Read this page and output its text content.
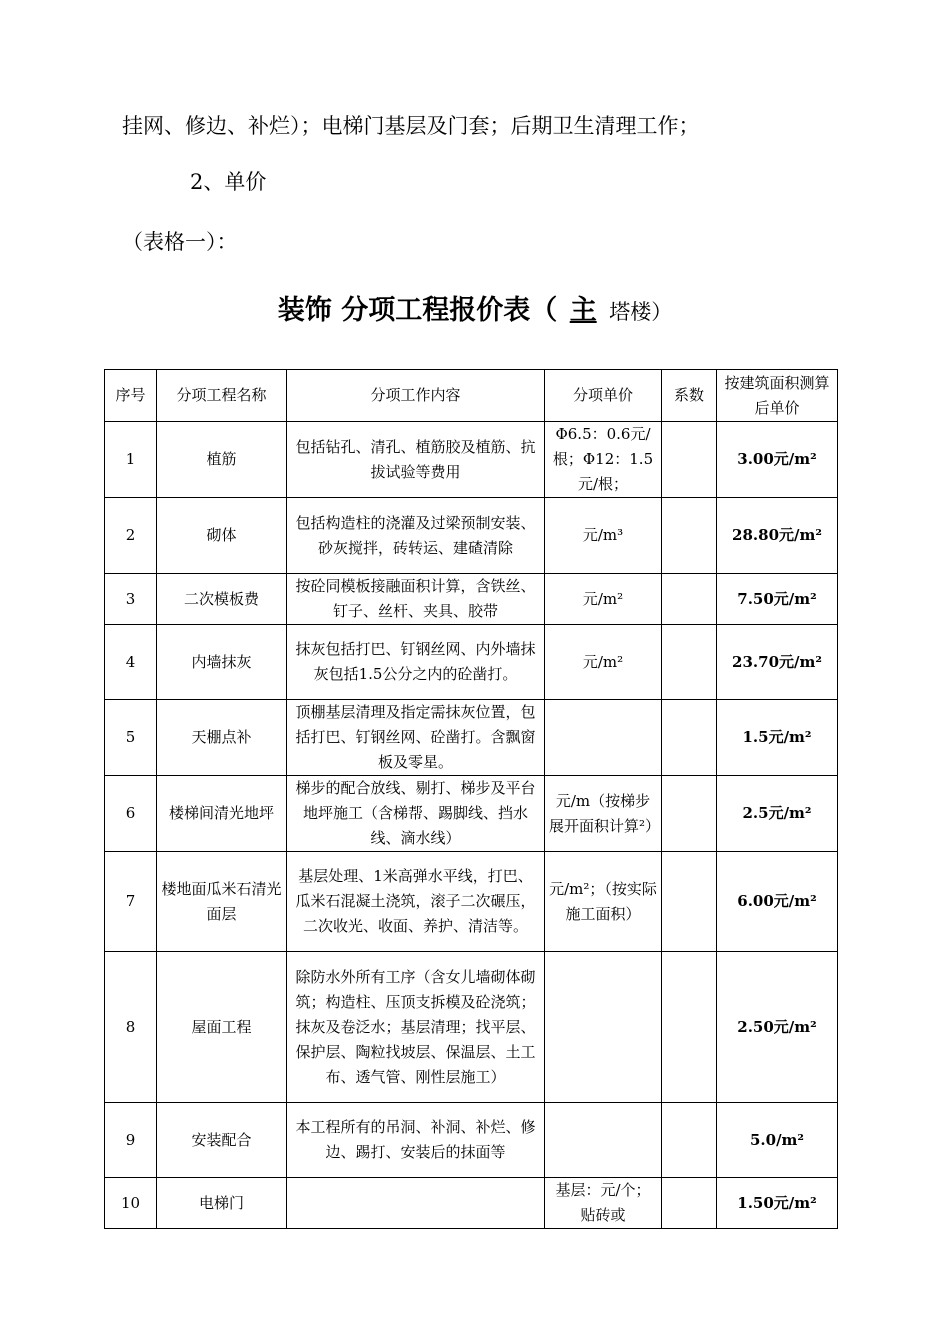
挂网、修边、补烂）；电梯门基层及门套；后期卫生清理工作；
2、单价
（表格一）：
装饰 分项工程报价表（ 主 塔楼）
序号	分项工程名称	分项工作内容	分项单价	系数	按建筑面积测算后单价
1	植筋	包括钻孔、清孔、植筋胶及植筋、抗拔试验等费用	Φ6.5：0.6元/根；Φ12：1.5元/根；		3.00元/m²
2	砌体	包括构造柱的浇灌及过梁预制安装、砂灰搅拌，砖转运、建碴清除	元/m³		28.80元/m²
3	二次模板费	按砼同模板接融面积计算，含铁丝、钉子、丝杆、夹具、胶带	元/m²		7.50元/m²
4	内墙抹灰	抹灰包括打巴、钉钢丝网、内外墙抹灰包括1.5公分之内的砼凿打。	元/m²		23.70元/m²
5	天棚点补	顶棚基层清理及指定需抹灰位置，包括打巴、钉钢丝网、砼凿打。含飘窗板及零星。			1.5元/m²
6	楼梯间清光地坪	梯步的配合放线、剔打、梯步及平台地坪施工（含梯帮、踢脚线、挡水线、滴水线）	元/m（按梯步展开面积计算²）		2.5元/m²
7	楼地面瓜米石清光面层	基层处理、1米高弹水平线，打巴、瓜米石混凝土浇筑，滚子二次碾压，二次收光、收面、养护、清洁等。	元/m²；（按实际施工面积）		6.00元/m²
8	屋面工程	除防水外所有工序（含女儿墙砌体砌筑；构造柱、压顶支拆模及砼浇筑；抹灰及卷泛水；基层清理；找平层、保护层、陶粒找坡层、保温层、土工布、透气管、刚性层施工）			2.50元/m²
9	安装配合	本工程所有的吊洞、补洞、补烂、修边、踢打、安装后的抹面等			5.0/m²
10	电梯门		基层：元/个；贴砖或		1.50元/m²
